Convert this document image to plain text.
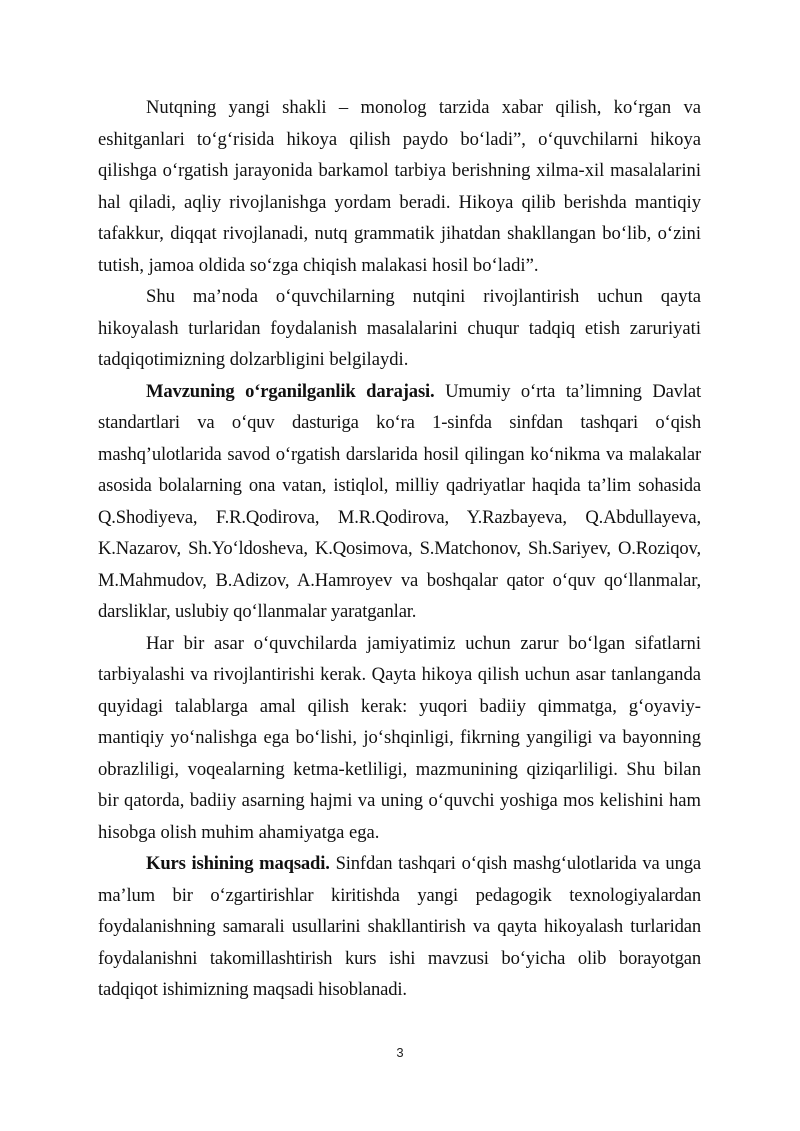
Nutqning yangi shakli – monolog tarzida xabar qilish, koʻrgan va eshitganlari toʻgʻrisida hikoya qilish paydo boʻladi”, oʻquvchilarni hikoya qilishga oʻrgatish jarayonida barkamol tarbiya berishning xilma-xil masalalarini hal qiladi, aqliy rivojlanishga yordam beradi. Hikoya qilib berishda mantiqiy tafakkur, diqqat rivojlanadi, nutq grammatik jihatdan shakllangan boʻlib, oʻzini tutish, jamoa oldida soʻzga chiqish malakasi hosil boʻladi”.

Shu ma’noda oʻquvchilarning nutqini rivojlantirish uchun qayta hikoyalash turlaridan foydalanish masalalarini chuqur tadqiq etish zaruriyati tadqiqotimizning dolzarbligini belgilaydi.

Mavzuning oʻrganilganlik darajasi. Umumiy oʻrta ta’limning Davlat standartlari va oʻquv dasturiga koʻra 1-sinfda sinfdan tashqari oʻqish mashq’ulotlarida savod oʻrgatish darslarida hosil qilingan koʻnikma va malakalar asosida bolalarning ona vatan, istiqlol, milliy qadriyatlar haqida ta’lim sohasida Q.Shodiyeva, F.R.Qodirova, M.R.Qodirova, Y.Razbayeva, Q.Abdullayeva, K.Nazarov, Sh.Yoʻldosheva, K.Qosimova, S.Matchonov, Sh.Sariyev, O.Roziqov, M.Mahmudov, B.Adizov, A.Hamroyev va boshqalar qator oʻquv qoʻllanmalar, darsliklar, uslubiy qoʻllanmalar yaratganlar.

Har bir asar oʻquvchilarda jamiyatimiz uchun zarur boʻlgan sifatlarni tarbiyalashi va rivojlantirishi kerak. Qayta hikoya qilish uchun asar tanlanganda quyidagi talablarga amal qilish kerak: yuqori badiiy qimmatga, gʻoyaviy-mantiqiy yoʻnalishga ega boʻlishi, joʻshqinligi, fikrning yangiligi va bayonning obrazliligi, voqealarning ketma-ketliligi, mazmunining qiziqarliligi. Shu bilan bir qatorda, badiiy asarning hajmi va uning oʻquvchi yoshiga mos kelishini ham hisobga olish muhim ahamiyatga ega.

Kurs ishining maqsadi. Sinfdan tashqari oʻqish mashgʻulotlarida va unga ma’lum bir oʻzgartirishlar kiritishda yangi pedagogik texnologiyalardan foydalanishning samarali usullarini shakllantirish va qayta hikoyalash turlaridan foydalanishni takomillashtirish kurs ishi mavzusi boʻyicha olib borayotgan tadqiqot ishimizning maqsadi hisoblanadi.

3
